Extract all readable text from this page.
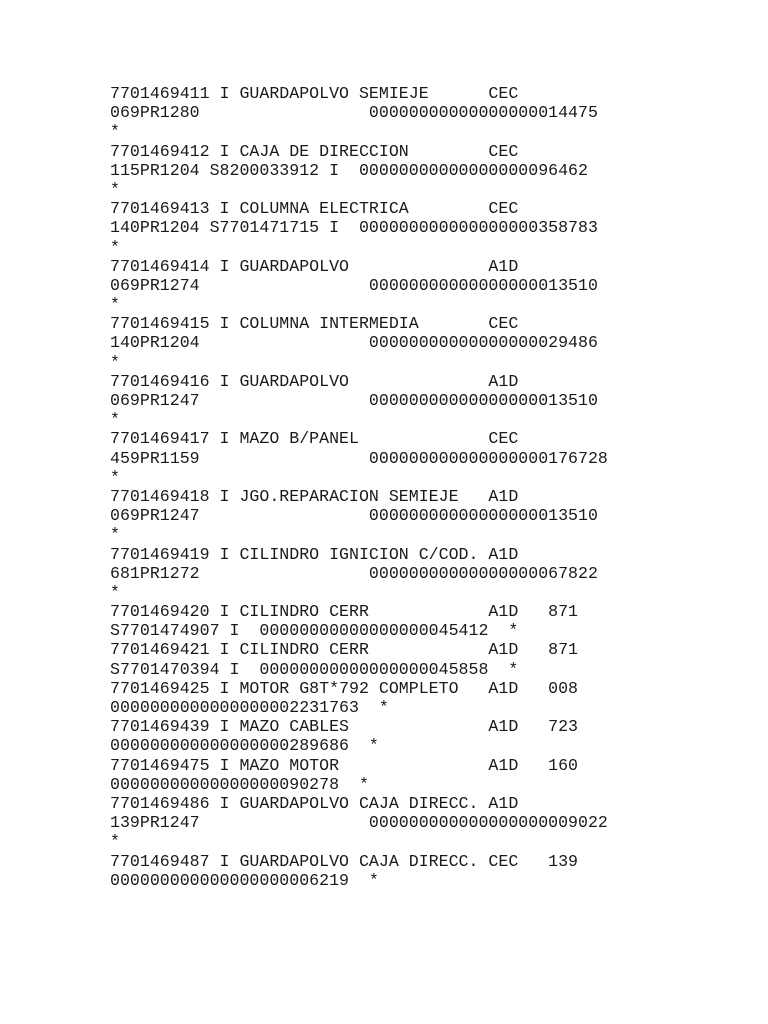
7701469411 I GUARDAPOLVO SEMIEJE      CEC
069PR1280                 00000000000000000014475
*
7701469412 I CAJA DE DIRECCION        CEC
115PR1204 S8200033912 I  00000000000000000096462
*
7701469413 I COLUMNA ELECTRICA        CEC
140PR1204 S7701471715 I  000000000000000000358783
*
7701469414 I GUARDAPOLVO              A1D
069PR1274                 00000000000000000013510
*
7701469415 I COLUMNA INTERMEDIA       CEC
140PR1204                 00000000000000000029486
*
7701469416 I GUARDAPOLVO              A1D
069PR1247                 00000000000000000013510
*
7701469417 I MAZO B/PANEL             CEC
459PR1159                 000000000000000000176728
*
7701469418 I JGO.REPARACION SEMIEJE   A1D
069PR1247                 00000000000000000013510
*
7701469419 I CILINDRO IGNICION C/COD. A1D
681PR1272                 00000000000000000067822
*
7701469420 I CILINDRO CERR            A1D   871
S7701474907 I  00000000000000000045412  *
7701469421 I CILINDRO CERR            A1D   871
S7701470394 I  00000000000000000045858  *
7701469425 I MOTOR G8T*792 COMPLETO   A1D   008
0000000000000000002231763  *
7701469439 I MAZO CABLES              A1D   723
000000000000000000289686  *
7701469475 I MAZO MOTOR               A1D   160
00000000000000000090278  *
7701469486 I GUARDAPOLVO CAJA DIRECC. A1D
139PR1247                 000000000000000000009022
*
7701469487 I GUARDAPOLVO CAJA DIRECC. CEC   139
000000000000000000006219  *
